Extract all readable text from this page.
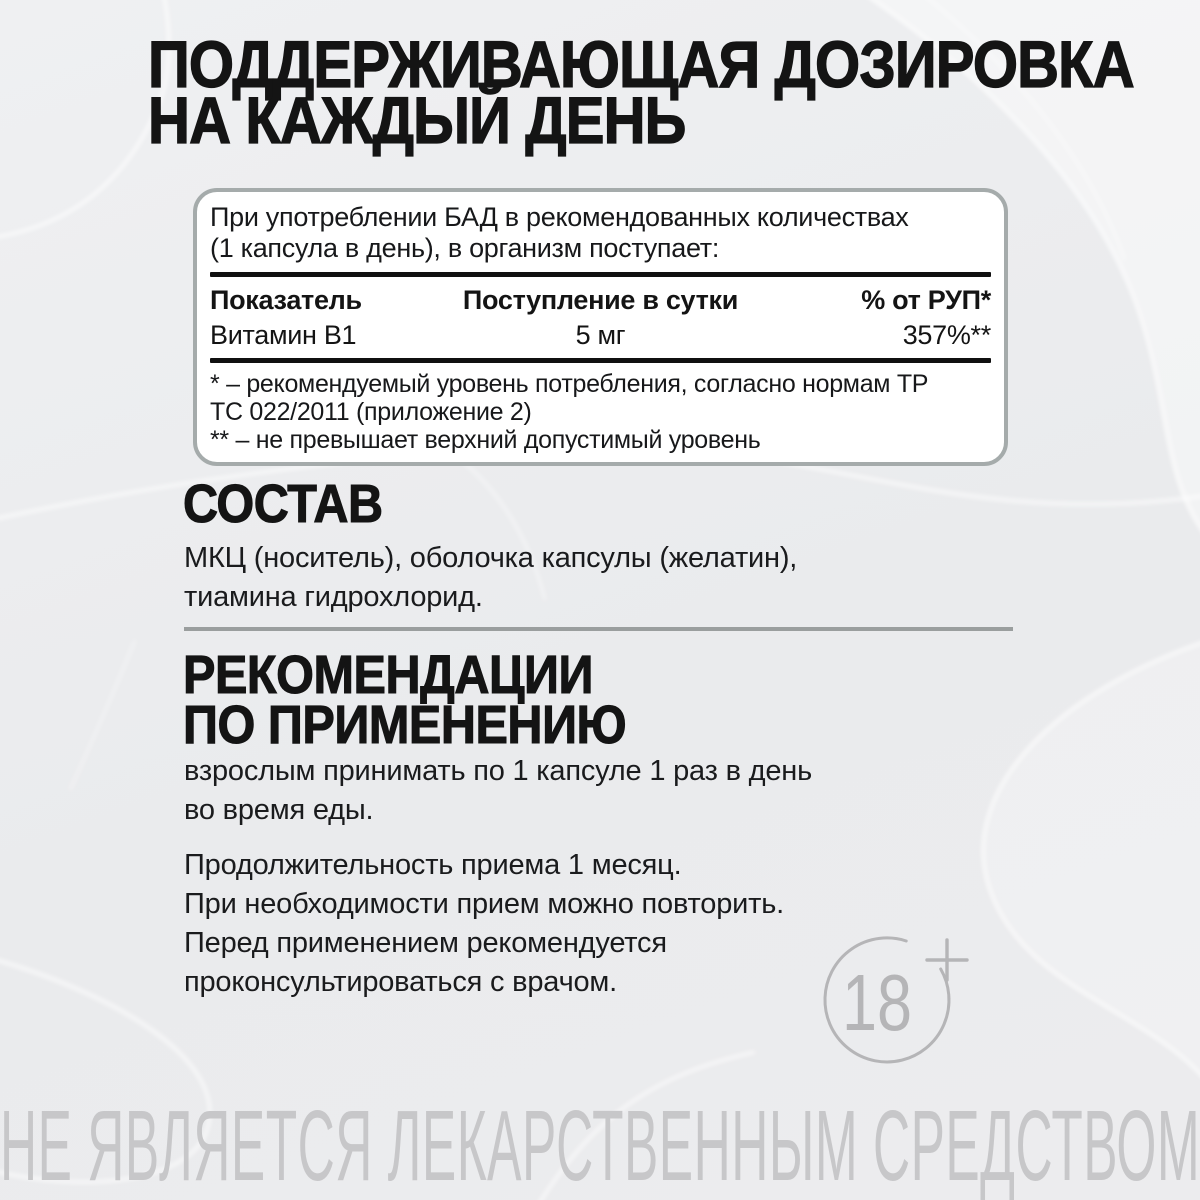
ПОДДЕРЖИВАЮЩАЯ ДОЗИРОВКА
НА КАЖДЫЙ ДЕНЬ
При употреблении БАД в рекомендованных количествах
(1 капсула в день), в организм поступает:
Показатель	Поступление в сутки	% от РУП*
Витамин B1	5 мг	357%**
* – рекомендуемый уровень потребления, согласно нормам ТР
ТС 022/2011 (приложение 2)
** – не превышает верхний допустимый уровень
СОСТАВ
МКЦ (носитель), оболочка капсулы (желатин),
тиамина гидрохлорид.
РЕКОМЕНДАЦИИ
ПО ПРИМЕНЕНИЮ
взрослым принимать по 1 капсуле 1 раз в день
во время еды.
Продолжительность приема 1 месяц.
При необходимости прием можно повторить.
Перед применением рекомендуется
проконсультироваться с врачом.	18
НЕ ЯВЛЯЕТСЯ ЛЕКАРСТВЕННЫМ СРЕДСТВОМ
